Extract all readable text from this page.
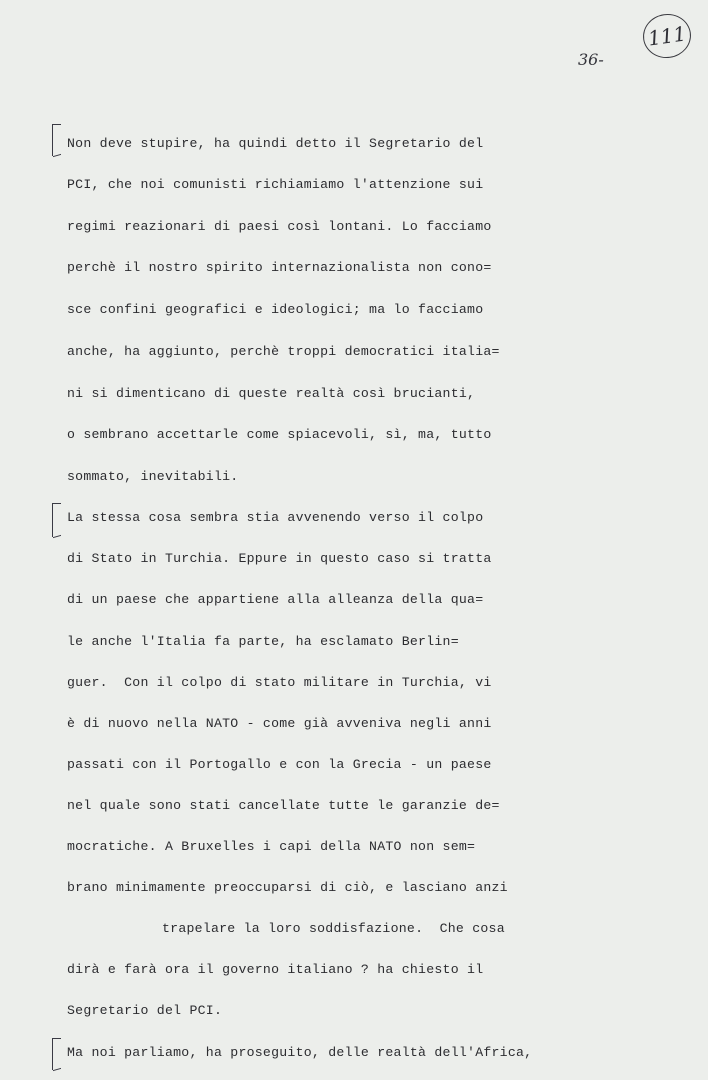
111
36-
Non deve stupire, ha quindi detto il Segretario del
PCI, che noi comunisti richiamiamo l'attenzione sui
regimi reazionari di paesi così lontani. Lo facciamo
perchè il nostro spirito internazionalista non cono=
sce confini geografici e ideologici; ma lo facciamo
anche, ha aggiunto, perchè troppi democratici italia=
ni si dimenticano di queste realtà così brucianti,
o sembrano accettarle come spiacevoli, sì, ma, tutto
sommato, inevitabili.
La stessa cosa sembra stia avvenendo verso il colpo
di Stato in Turchia. Eppure in questo caso si tratta
di un paese che appartiene alla alleanza della qua=
le anche l'Italia fa parte, ha esclamato Berlin=
guer.  Con il colpo di stato militare in Turchia, vi
è di nuovo nella NATO - come già avveniva negli anni
passati con il Portogallo e con la Grecia - un paese
nel quale sono stati cancellate tutte le garanzie de=
mocratiche. A Bruxelles i capi della NATO non sem=
brano minimamente preoccuparsi di ciò, e lasciano anzi
trapelare la loro soddisfazione.  Che cosa
dirà e farà ora il governo italiano ? ha chiesto il
Segretario del PCI.
Ma noi parliamo, ha proseguito, delle realtà dell'Africa,
